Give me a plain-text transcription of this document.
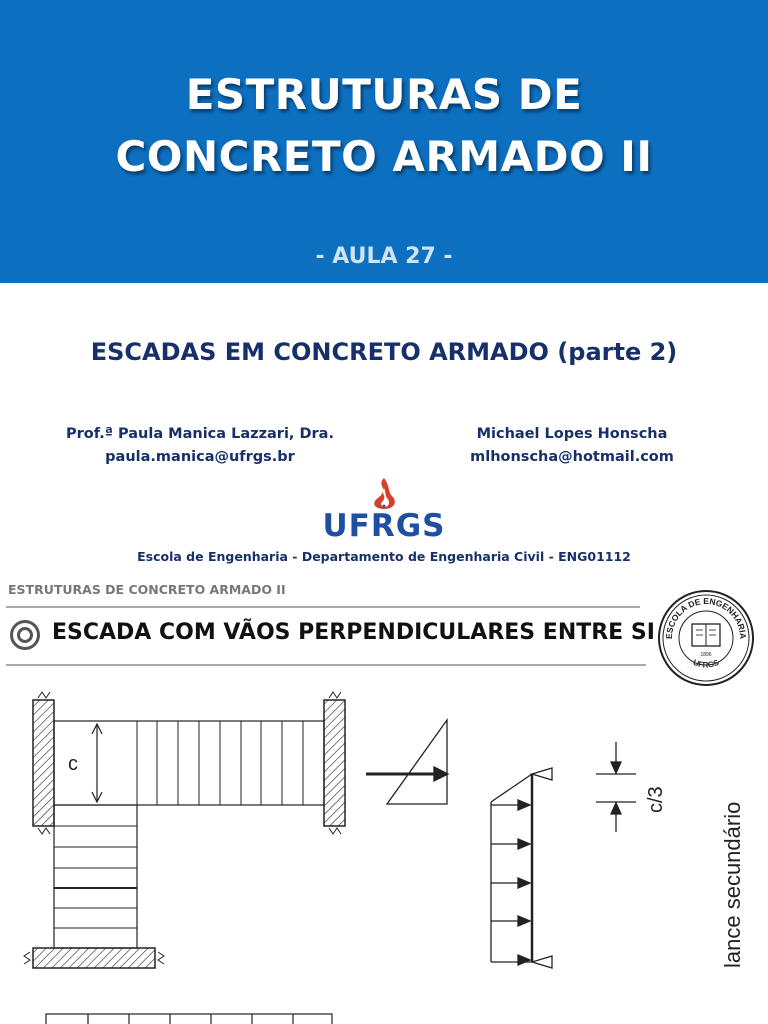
ESTRUTURAS DE
CONCRETO ARMADO II
- AULA 27 -
ESCADAS EM CONCRETO ARMADO (parte 2)
Prof.ª Paula Manica Lazzari, Dra.
paula.manica@ufrgs.br
Michael Lopes Honscha
mlhonscha@hotmail.com
UFRGS
Escola de Engenharia - Departamento de Engenharia Civil - ENG01112
ESTRUTURAS DE CONCRETO ARMADO II
ESCADA COM VÃOS PERPENDICULARES ENTRE SI ESCOLA DE ENGENHARIA
UFRGS
1896
c
c/3
lance secundário
